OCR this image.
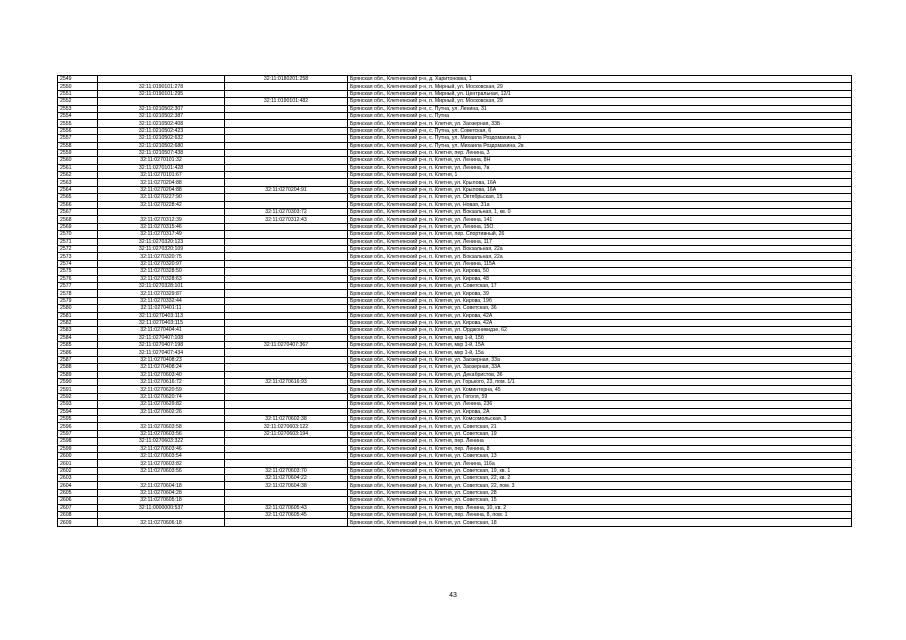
2549		32:11:0180201:258	Брянская обл., Клетнянский р-н, д. Харитоновка, 1
2550	32:11:0190101:278		Брянская обл., Клетнянский р-н, п. Мирный, ул. Московская, 29
2551	32:11:0190101:295		Брянская обл., Клетнянский р-н, п. Мирный, ул. Центральная, 12/1
2552		32:11:0190101:482	Брянская обл., Клетнянский р-н, п. Мирный, ул. Московская, 29
2553	32:11:0210502:307		Брянская обл., Клетнянский р-н, с. Путна, ул. Ленина, 31
2554	32:11:0210502:387		Брянская обл., Клетнянский р-н, с. Путна
2555	32:11:0210502:408		Брянская обл., Клетнянский р-н, п. Клетня, ул. Заозерная, 33Б
2556	32:11:0210502:423		Брянская обл., Клетнянский р-н, с. Путна, ул. Советская, 6
2557	32:11:0210502:632		Брянская обл., Клетнянский р-н, с. Путна, ул. Михаила Роздомахина, 3
2558	32:11:0210502:680		Брянская обл., Клетнянский р-н, с. Путна, ул. Михаила Роздомахина, 2в
2559	32:11:0210507:438		Брянская обл., Клетнянский р-н, п. Клетня, пер. Ленина, 3
2560	32:11:0270101:32		Брянская обл., Клетнянский р-н, п. Клетня, ул. Ленина, 8Н
2561	32:11:0270101:428		Брянская обл., Клетнянский р-н, п. Клетня, ул. Ленина, 7в
2562	32:11:0270101:67		Брянская обл., Клетнянский р-н, п. Клетня, 1
2563	32:11:0270204:88		Брянская обл., Клетнянский р-н, п. Клетня, ул. Крылова, 16А
2564	32:11:0270204:88	32:11:0270204:91	Брянская обл., Клетнянский р-н, п. Клетня, ул. Крылова, 16А
2565	32:11:0270227:90		Брянская обл., Клетнянский р-н, п. Клетня, ул. Октябрьская, 15
2566	32:11:0270228:42		Брянская обл., Клетнянский р-н, п. Клетня, ул. Новая, 31а
2567		32:11:0270303:72	Брянская обл., Клетнянский р-н, п. Клетня, ул. Вокзальная, 1, кв. 0
2568	32:11:0270312:39	32:11:0270312:43	Брянская обл., Клетнянский р-н, п. Клетня, ул. Ленина, 141
2569	32:11:0270315:46		Брянская обл., Клетнянский р-н, п. Клетня, ул. Ленина, 15О
2570	32:11:0270317:49		Брянская обл., Клетнянский р-н, п. Клетня, пер. Спортивный, 26
2571	32:11:0270320:123		Брянская обл., Клетнянский р-н, п. Клетня, ул. Ленина, 117
2572	32:11:0270320:109		Брянская обл., Клетнянский р-н, п. Клетня, ул. Вокзальная, 22а
2573	32:11:0270320:75		Брянская обл., Клетнянский р-н, п. Клетня, ул. Вокзальная, 22а
2574	32:11:0270320:97		Брянская обл., Клетнянский р-н, п. Клетня, ул. Ленина, 115А
2575	32:11:0270328:50		Брянская обл., Клетнянский р-н, п. Клетня, ул. Кирова, 50
2576	32:11:0270328:63		Брянская обл., Клетнянский р-н, п. Клетня, ул. Кирова, 48
2577	32:11:0270328:101		Брянская обл., Клетнянский р-н, п. Клетня, ул. Советская, 17
2578	32:11:0270329:87		Брянская обл., Клетнянский р-н, п. Клетня, ул. Кирова, 39
2579	32:11:0270332:44		Брянская обл., Клетнянский р-н, п. Клетня, ул. Кирова, 19б
2580	32:11:0270401:11		Брянская обл., Клетнянский р-н, п. Клетня, ул. Советская, 36
2581	32:11:0270403:113		Брянская обл., Клетнянский р-н, п. Клетня, ул. Кирова, 42А
2582	32:11:0270403:115		Брянская обл., Клетнянский р-н, п. Клетня, ул. Кирова, 42А
2583	32:11:0270404:41		Брянская обл., Клетнянский р-н, п. Клетня, ул. Орджоникидзе, 62
2584	32:11:0270407:108		Брянская обл., Клетнянский р-н, п. Клетня, мкр 1-й, 15б
2585	32:11:0270407:198	32:11:0270407:367	Брянская обл., Клетнянский р-н, п. Клетня, мкр 1-й, 15А
2586	32:11:0270407:434		Брянская обл., Клетнянский р-н, п. Клетня, мкр 1-й, 15а
2587	32:11:0270408:23		Брянская обл., Клетнянский р-н, п. Клетня, ул. Заозерная, 33а
2588	32:11:0270408:24		Брянская обл., Клетнянский р-н, п. Клетня, ул. Заозерная, 33А
2589	32:11:0270603:40		Брянская обл., Клетнянский р-н, п. Клетня, ул. Декабристов, 36
2590	32:11:0270616:72	32:11:0270616:93	Брянская обл., Клетнянский р-н, п. Клетня, ул. Горького, 23, пом. 1/1
2591	32:11:0270620:59		Брянская обл., Клетнянский р-н, п. Клетня, ул. Коминтерна, 45
2592	32:11:0270620:74		Брянская обл., Клетнянский р-н, п. Клетня, ул. Гоголя, 59
2593	32:11:0270629:82		Брянская обл., Клетнянский р-н, п. Клетня, ул. Ленина, 236
2594	32:11:0270602:26		Брянская обл., Клетнянский р-н, п. Клетня, ул. Кирова, 2А
2595		32:11:0270602:38	Брянская обл., Клетнянский р-н, п. Клетня, ул. Комсомольская, 3
2596	32:11:0270603:58	32:11:0270603:122	Брянская обл., Клетнянский р-н, п. Клетня, ул. Советская, 21
2597	32:11:0270603:56	32:11:0270603:194	Брянская обл., Клетнянский р-н, п. Клетня, ул. Советская, 19
2598	32:11:0270603:322		Брянская обл., Клетнянский р-н, п. Клетня, пер. Ленина
2599	32:11:0270603:46		Брянская обл., Клетнянский р-н, п. Клетня, пер. Ленина, 8
2600	32:11:0270603:54		Брянская обл., Клетнянский р-н, п. Клетня, ул. Советская, 13
2601	32:11:0270603:82		Брянская обл., Клетнянский р-н, п. Клетня, ул. Ленина, 116а
2602	32:11:0270603:56	32:11:0270603:70	Брянская обл., Клетнянский р-н, п. Клетня, ул. Советская, 19, кв. 1
2603		32:11:0270604:22	Брянская обл., Клетнянский р-н, п. Клетня, ул. Советская, 22, кв. 2
2604	32:11:0270604:18	32:11:0270604:38	Брянская обл., Клетнянский р-н, п. Клетня, ул. Советская, 22, пом. 3
2605	32:11:0270604:28		Брянская обл., Клетнянский р-н, п. Клетня, ул. Советская, 28
2606	32:11:0270605:18		Брянская обл., Клетнянский р-н, п. Клетня, ул. Советская, 15
2607	32:11:0000000:537	32:11:0270605:43	Брянская обл., Клетнянский р-н, п. Клетня, пер. Ленина, 10, кв. 2
2608		32:11:0270605:45	Брянская обл., Клетнянский р-н, п. Клетня, пер. Ленина, 8, пом. 1
2609	32:11:0270606:18		Брянская обл., Клетнянский р-н, п. Клетня, ул. Советская, 18
43
